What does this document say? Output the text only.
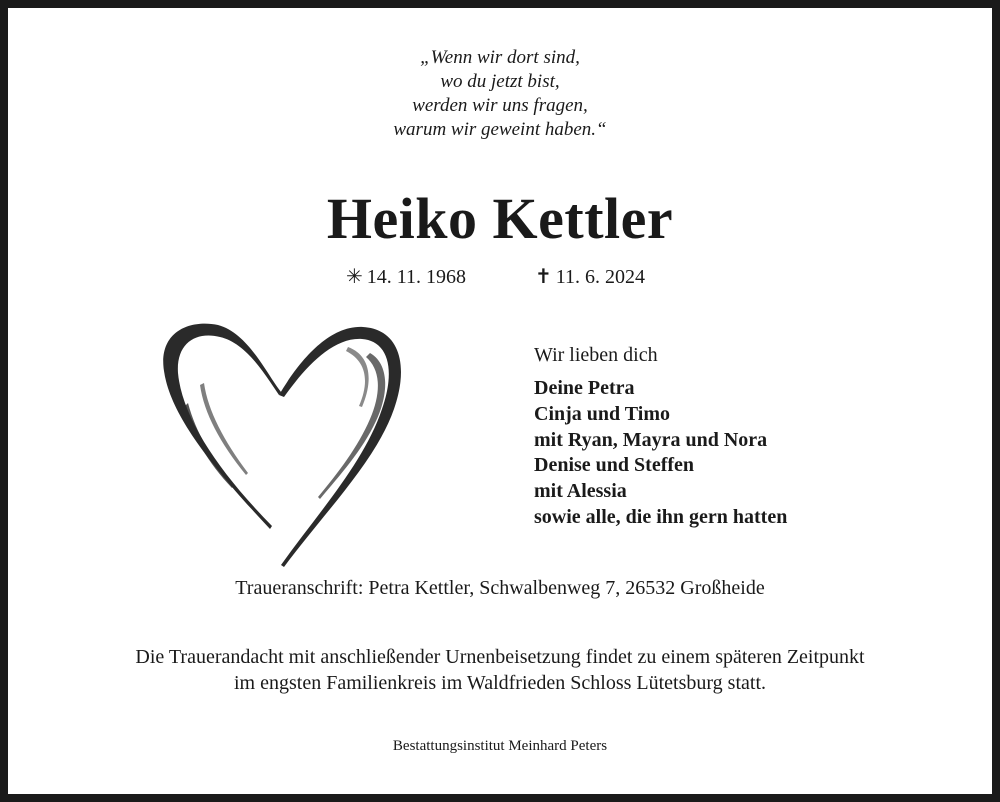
„Wenn wir dort sind,
wo du jetzt bist,
werden wir uns fragen,
warum wir geweint haben.“
Heiko Kettler
✳ 14. 11. 1968	✝ 11. 6. 2024
Wir lieben dich
Deine Petra
Cinja und Timo
mit Ryan, Mayra und Nora
Denise und Steffen
mit Alessia
sowie alle, die ihn gern hatten
Traueranschrift: Petra Kettler, Schwalbenweg 7, 26532 Großheide
Die Trauerandacht mit anschließender Urnenbeisetzung findet zu einem späteren Zeitpunkt
im engsten Familienkreis im Waldfrieden Schloss Lütetsburg statt.
Bestattungsinstitut Meinhard Peters
